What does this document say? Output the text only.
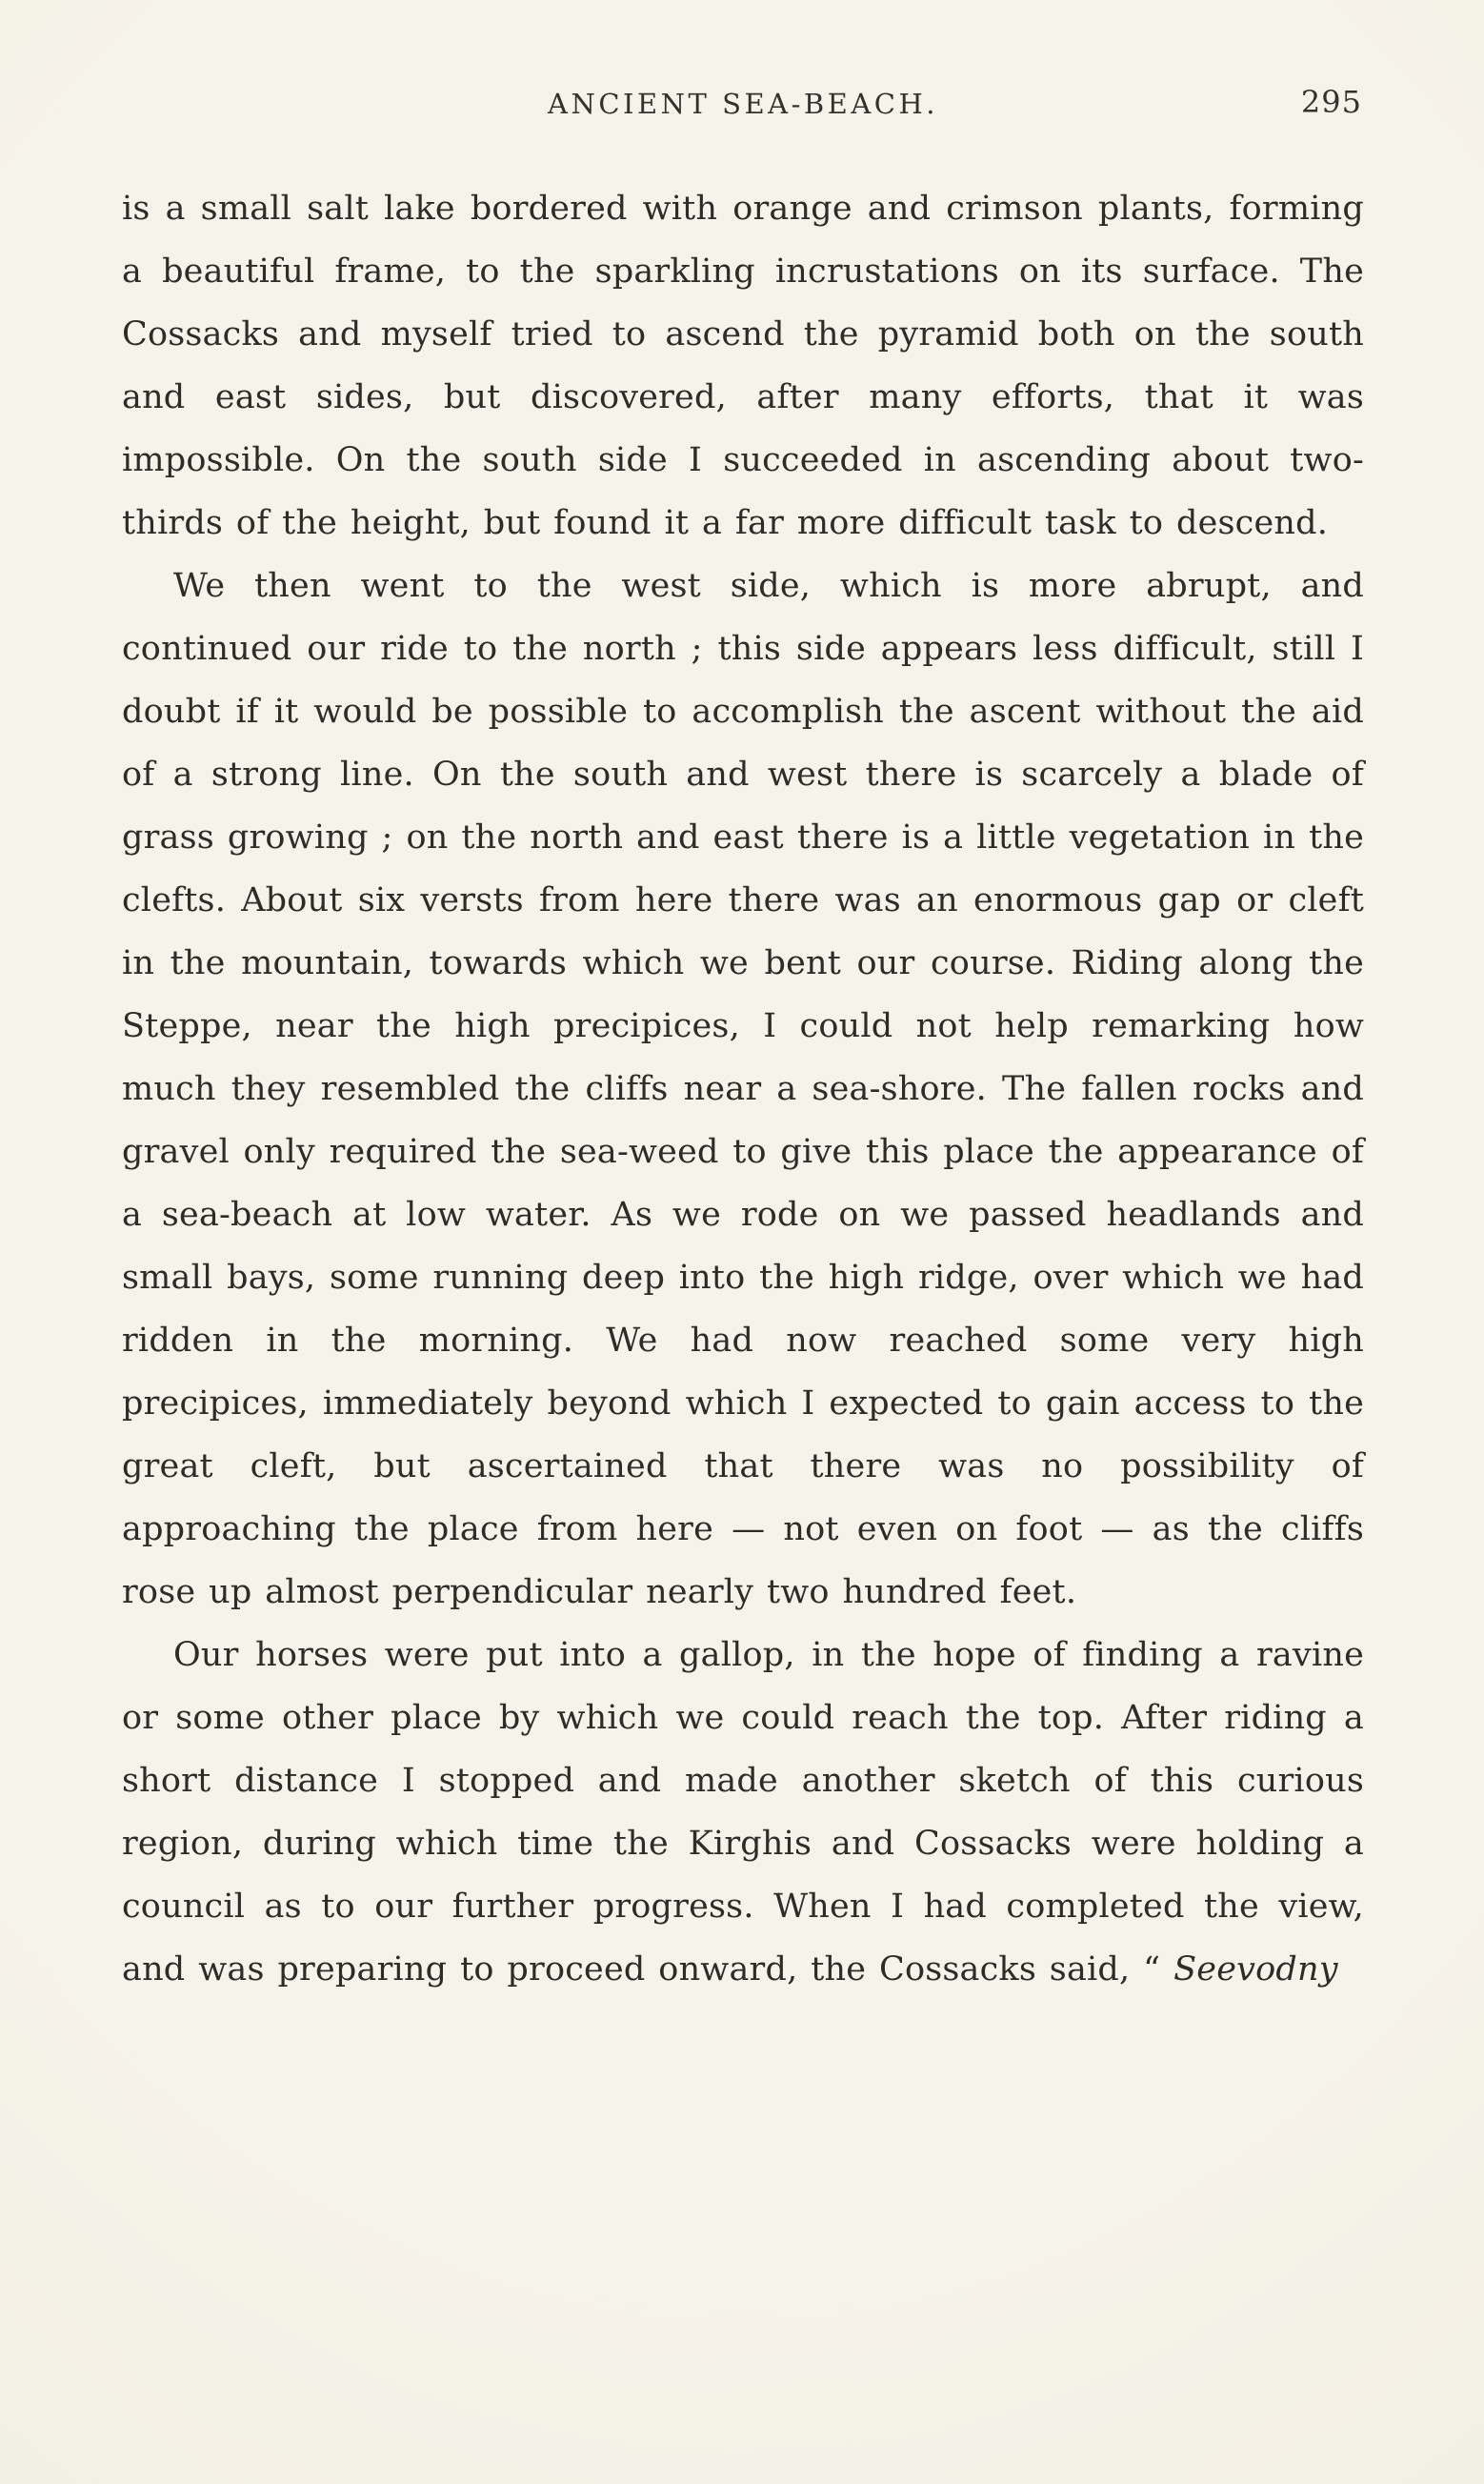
ANCIENT SEA-BEACH.	295

is a small salt lake bordered with orange and crimson plants, forming a beautiful frame, to the sparkling incrustations on its surface. The Cossacks and myself tried to ascend the pyramid both on the south and east sides, but discovered, after many efforts, that it was impossible. On the south side I succeeded in ascending about two-thirds of the height, but found it a far more difficult task to descend.

We then went to the west side, which is more abrupt, and continued our ride to the north ; this side appears less difficult, still I doubt if it would be possible to accomplish the ascent without the aid of a strong line. On the south and west there is scarcely a blade of grass growing ; on the north and east there is a little vegetation in the clefts. About six versts from here there was an enormous gap or cleft in the mountain, towards which we bent our course. Riding along the Steppe, near the high precipices, I could not help remarking how much they resembled the cliffs near a sea-shore. The fallen rocks and gravel only required the sea-weed to give this place the appearance of a sea-beach at low water. As we rode on we passed headlands and small bays, some running deep into the high ridge, over which we had ridden in the morning. We had now reached some very high precipices, immediately beyond which I expected to gain access to the great cleft, but ascertained that there was no possibility of approaching the place from here — not even on foot — as the cliffs rose up almost perpendicular nearly two hundred feet.

Our horses were put into a gallop, in the hope of finding a ravine or some other place by which we could reach the top. After riding a short distance I stopped and made another sketch of this curious region, during which time the Kirghis and Cossacks were holding a council as to our further progress. When I had completed the view, and was preparing to proceed onward, the Cossacks said, “ Seevodny
